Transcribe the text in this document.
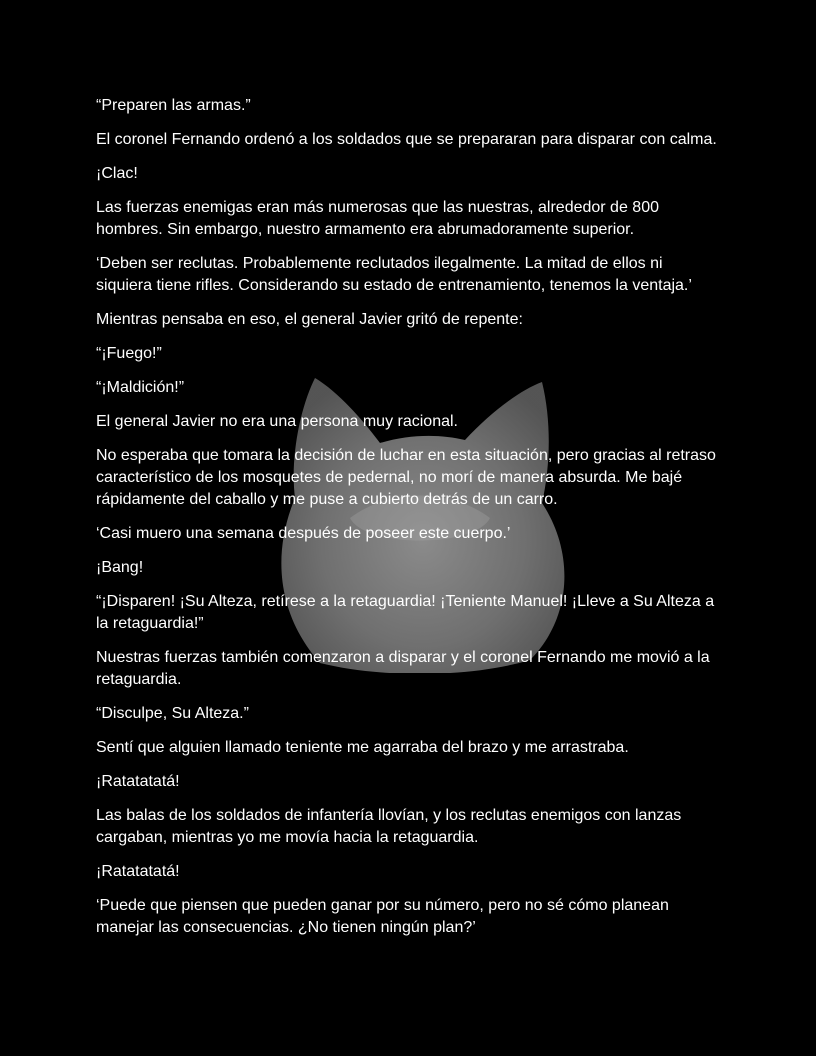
“Preparen las armas.”

El coronel Fernando ordenó a los soldados que se prepararan para disparar con calma.

¡Clac!

Las fuerzas enemigas eran más numerosas que las nuestras, alrededor de 800 hombres. Sin embargo, nuestro armamento era abrumadoramente superior.

‘Deben ser reclutas. Probablemente reclutados ilegalmente. La mitad de ellos ni siquiera tiene rifles. Considerando su estado de entrenamiento, tenemos la ventaja.’

Mientras pensaba en eso, el general Javier gritó de repente:

“¡Fuego!”

“¡Maldición!”

El general Javier no era una persona muy racional.

No esperaba que tomara la decisión de luchar en esta situación, pero gracias al retraso característico de los mosquetes de pedernal, no morí de manera absurda. Me bajé rápidamente del caballo y me puse a cubierto detrás de un carro.

‘Casi muero una semana después de poseer este cuerpo.’

¡Bang!

“¡Disparen! ¡Su Alteza, retírese a la retaguardia! ¡Teniente Manuel! ¡Lleve a Su Alteza a la retaguardia!”

Nuestras fuerzas también comenzaron a disparar y el coronel Fernando me movió a la retaguardia.

“Disculpe, Su Alteza.”

Sentí que alguien llamado teniente me agarraba del brazo y me arrastraba.

¡Ratatatatá!

Las balas de los soldados de infantería llovían, y los reclutas enemigos con lanzas cargaban, mientras yo me movía hacia la retaguardia.

¡Ratatatatá!

‘Puede que piensen que pueden ganar por su número, pero no sé cómo planean manejar las consecuencias. ¿No tienen ningún plan?’
